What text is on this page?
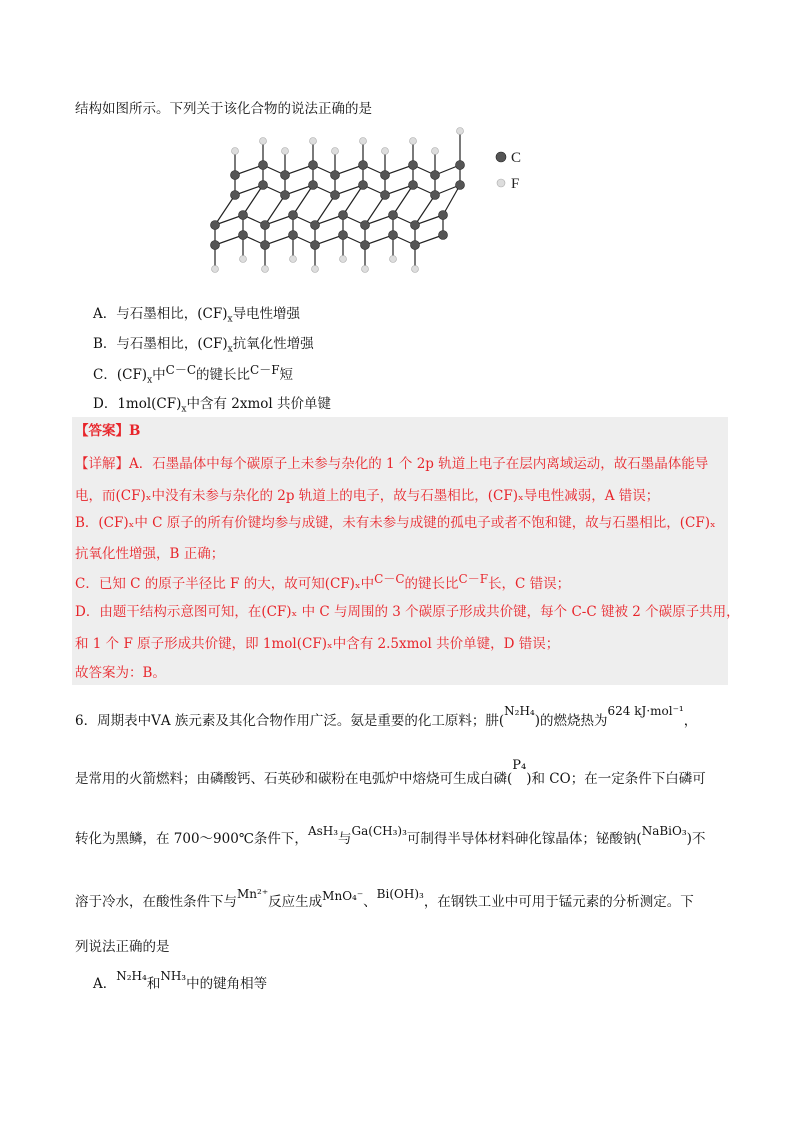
结构如图所示。下列关于该化合物的说法正确的是
C
F
A．与石墨相比，$(CF)_x$导电性增强
B．与石墨相比，$(CF)_x$抗氧化性增强
C．$(CF)_x$中C－C的键长比C－F短
D．$1mol(CF)_x$中含有 2xmol 共价单键
【答案】B
【详解】A．石墨晶体中每个碳原子上未参与杂化的 1 个 2p 轨道上电子在层内离域运动，故石墨晶体能导
电，而(CF)ₓ中没有未参与杂化的 2p 轨道上的电子，故与石墨相比，(CF)ₓ导电性减弱，A 错误；
B．(CF)ₓ中 C 原子的所有价键均参与成键，未有未参与成键的孤电子或者不饱和键，故与石墨相比，(CF)ₓ
抗氧化性增强，B 正确；
C．已知 C 的原子半径比 F 的大，故可知(CF)ₓ中C－C的键长比C－F长，C 错误；
D．由题干结构示意图可知，在(CF)ₓ 中 C 与周围的 3 个碳原子形成共价键，每个 C-C 键被 2 个碳原子共用，
和 1 个 F 原子形成共价键，即 1mol(CF)ₓ中含有 2.5xmol 共价单键，D 错误；
故答案为：B。
6．周期表中ⅤA 族元素及其化合物作用广泛。氨是重要的化工原料；肼(N₂H₄)的燃烧热为624 kJ·mol⁻¹，
是常用的火箭燃料；由磷酸钙、石英砂和碳粉在电弧炉中熔烧可生成白磷(P₄)和 CO；在一定条件下白磷可
转化为黑鳞，在 700～900℃条件下，AsH₃与Ga(CH₃)₃可制得半导体材料砷化镓晶体；铋酸钠(NaBiO₃)不
溶于冷水，在酸性条件下与Mn²⁺反应生成MnO₄⁻、Bi(OH)₃，在钢铁工业中可用于锰元素的分析测定。下
列说法正确的是
A．N₂H₄和NH₃中的键角相等
